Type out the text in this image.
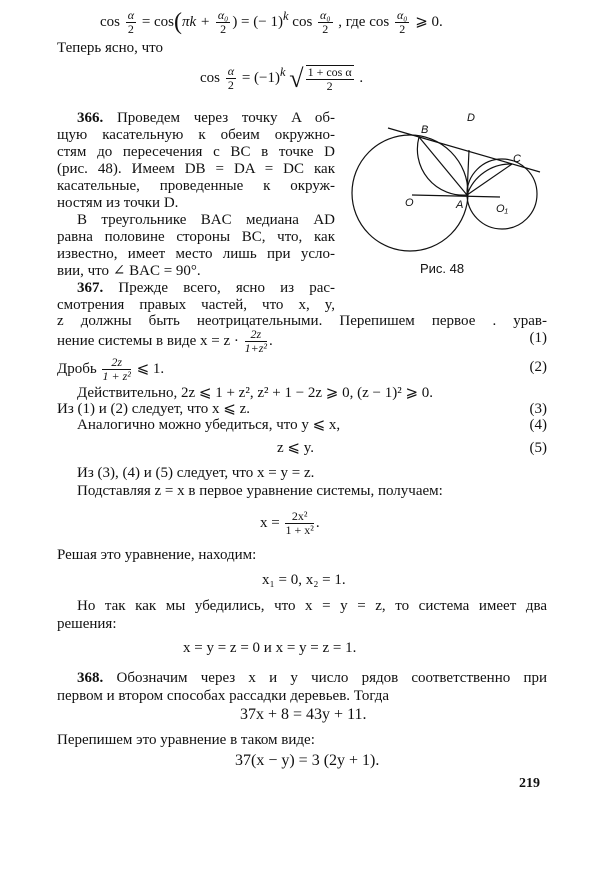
$\cos \frac{\alpha}{2} = \cos(\pi k + \frac{\text{α₀}}{2}$ ) = (− 1)$^k$ $\cos \frac{\text{α₀}}{2}$ , где $\cos \frac{\text{α₀}}{2}$ ⩾ 0.
Теперь ясно, что
$\cos \frac{\alpha}{2} = (-1)^k$ √ $\frac{\text{1 + cos α}}{2}$ .
366. Проведем через точку A об-
щую касательную к обеим окружно-
стям до пересечения с BC в точке D
(рис. 48). Имеем DB = DA = DC как
касательные, проведенные к окруж-
ностям из точки D.
В треугольнике BAC медиана AD
равна половине стороны BC, что, как
известно, имеет место лишь при усло-
вии, что ∠ BAC = 90°.
B
D
C
O	A	O₁
Рис. 48
367. Прежде всего, ясно из рас-
смотрения правых частей, что x, y,
z должны быть неотрицательными. Перепишем первое . урав-
нение системы в виде $x = z \cdot \frac{2z}{\text{1+z²}}$ .	(1)
Дробь $\frac{2z}{\text{1 + z²}}$ ⩽ 1.	(2)
Действительно, 2z ⩽ 1 + z², z² + 1 − 2z ⩾ 0, (z − 1)² ⩾ 0.
Из (1) и (2) следует, что x ⩽ z.	(3)
Аналогично можно убедиться, что y ⩽ x,	(4)
z ⩽ y.	(5)
Из (3), (4) и (5) следует, что x = y = z.
Подставляя z = x в первое уравнение системы, получаем:
$x = \frac{\text{2x²}}{\text{1 + x²}}$ .
Решая это уравнение, находим:
x₁ = 0, x₂ = 1.
Но так как мы убедились, что x = y = z, то система имеет два
решения:
x = y = z = 0 и x = y = z = 1.
368. Обозначим через x и y число рядов соответственно при
первом и втором способах рассадки деревьев. Тогда
37x + 8 = 43y + 11.
Перепишем это уравнение в таком виде:
37(x − y) = 3 (2y + 1).
219
